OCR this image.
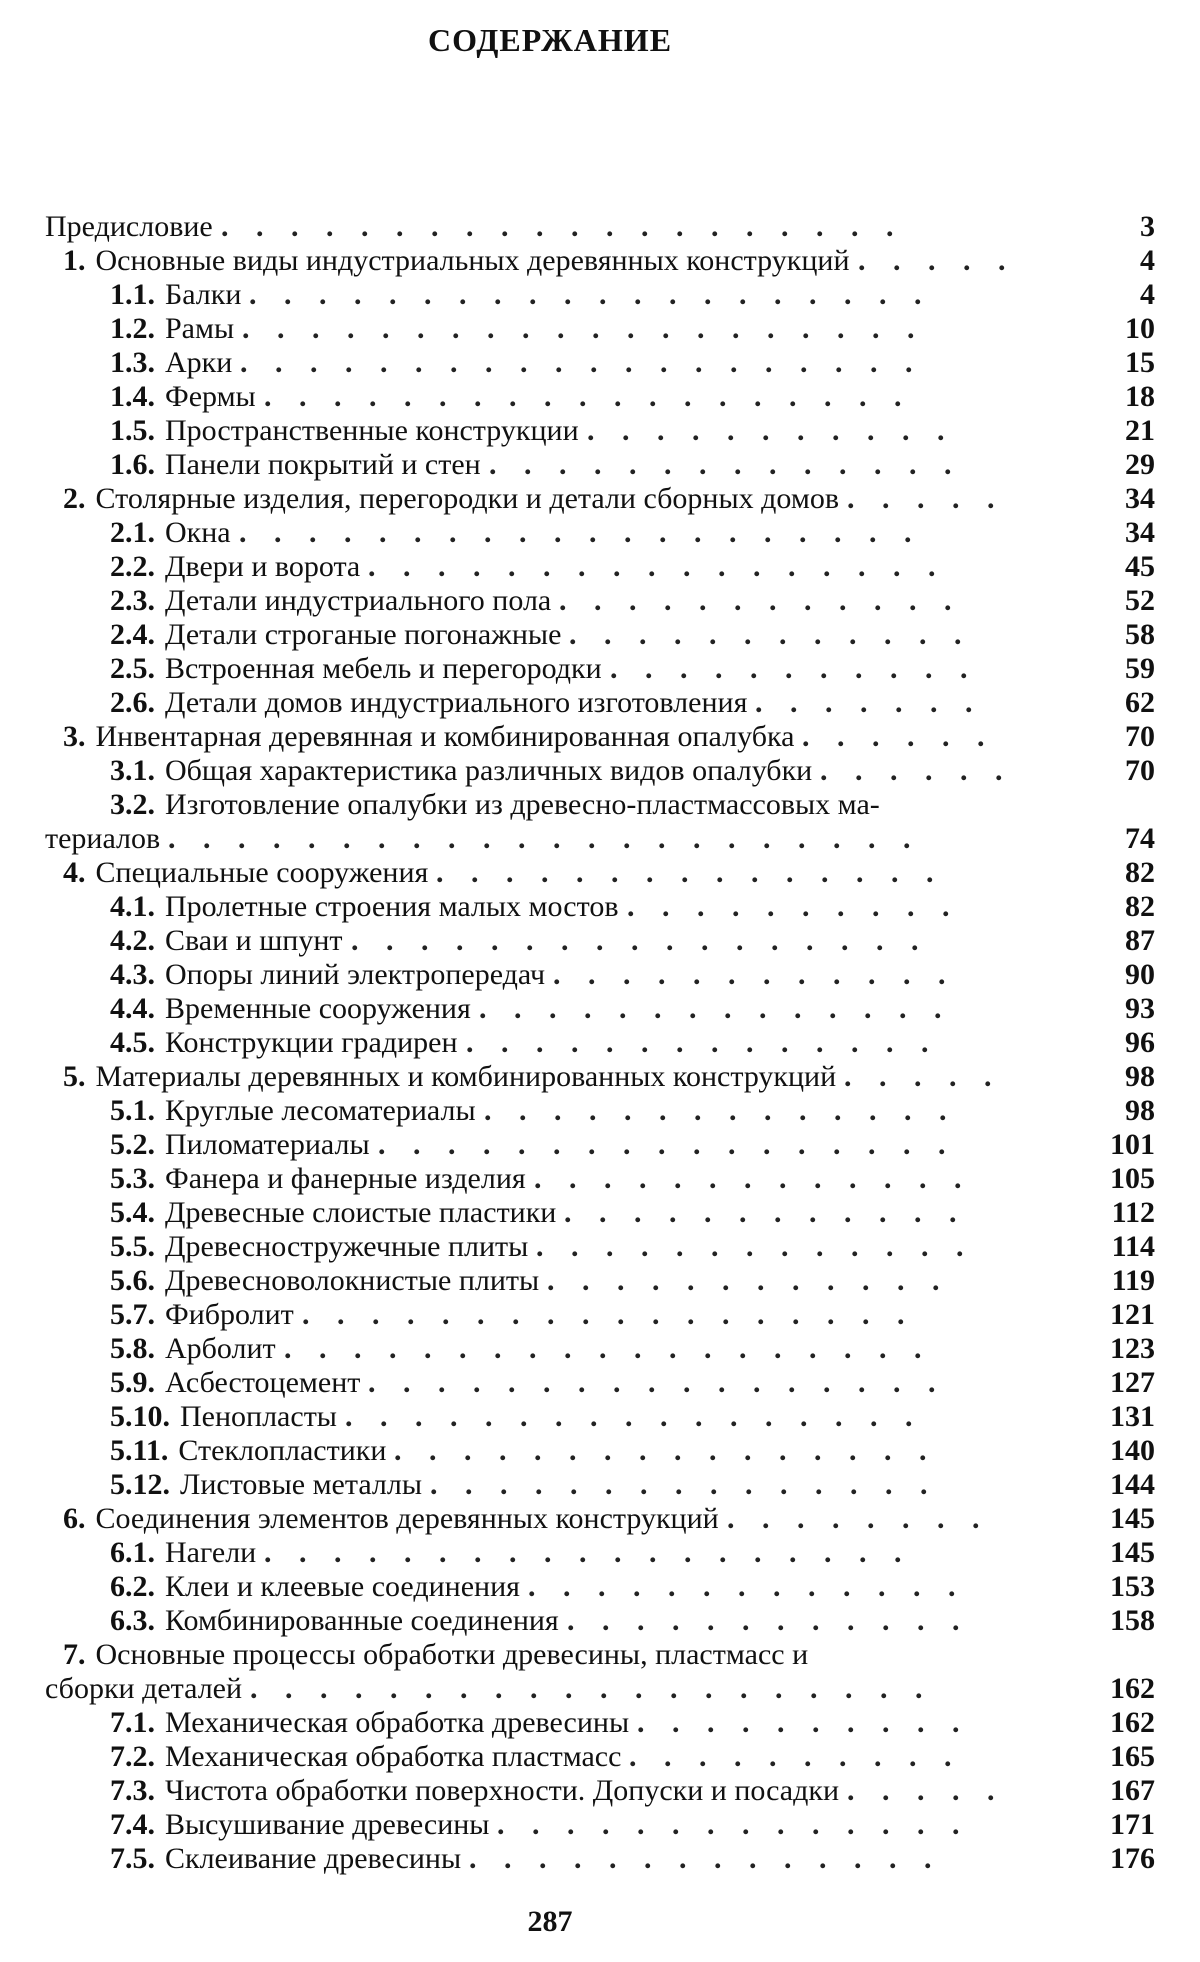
СОДЕРЖАНИЕ
Предисловие	3
. . . . . . . . . . . . . . . . . . . .
1. Основные виды индустриальных деревянных конструкций	4
. . . . .
1.1. Балки	4
. . . . . . . . . . . . . . . . . . . .
1.2. Рамы	10
. . . . . . . . . . . . . . . . . . . .
1.3. Арки	15
. . . . . . . . . . . . . . . . . . . .
1.4. Фермы	18
. . . . . . . . . . . . . . . . . . .
1.5. Пространственные конструкции	21
. . . . . . . . . . .
1.6. Панели покрытий и стен	29
. . . . . . . . . . . . . .
2. Столярные изделия, перегородки и детали сборных домов	34
. . . . .
2.1. Окна	34
. . . . . . . . . . . . . . . . . . . .
2.2. Двери и ворота	45
. . . . . . . . . . . . . . . . .
2.3. Детали индустриального пола	52
. . . . . . . . . . . .
2.4. Детали строганые погонажные	58
. . . . . . . . . . . .
2.5. Встроенная мебель и перегородки	59
. . . . . . . . . . .
2.6. Детали домов индустриального изготовления	62
. . . . . . .
3. Инвентарная деревянная и комбинированная опалубка	70
. . . . . .
3.1. Общая характеристика различных видов опалубки	70
. . . . . .
3.2. Изготовление опалубки из древесно-пластмассовых ма-
териалов	74
. . . . . . . . . . . . . . . . . . . . . .
4. Специальные сооружения	82
. . . . . . . . . . . . . . .
4.1. Пролетные строения малых мостов	82
. . . . . . . . . .
4.2. Сваи и шпунт	87
. . . . . . . . . . . . . . . . .
4.3. Опоры линий электропередач	90
. . . . . . . . . . . .
4.4. Временные сооружения	93
. . . . . . . . . . . . . .
4.5. Конструкции градирен	96
. . . . . . . . . . . . . .
5. Материалы деревянных и комбинированных конструкций	98
. . . . .
5.1. Круглые лесоматериалы	98
. . . . . . . . . . . . . .
5.2. Пиломатериалы	101
. . . . . . . . . . . . . . . . .
5.3. Фанера и фанерные изделия	105
. . . . . . . . . . . . .
5.4. Древесные слоистые пластики	112
. . . . . . . . . . . .
5.5. Древесностружечные плиты	114
. . . . . . . . . . . . .
5.6. Древесноволокнистые плиты	119
. . . . . . . . . . . .
5.7. Фибролит	121
. . . . . . . . . . . . . . . . . .
5.8. Арболит	123
. . . . . . . . . . . . . . . . . . .
5.9. Асбестоцемент	127
. . . . . . . . . . . . . . . . .
5.10. Пенопласты	131
. . . . . . . . . . . . . . . . .
5.11. Стеклопластики	140
. . . . . . . . . . . . . . . .
5.12. Листовые металлы	144
. . . . . . . . . . . . . . .
6. Соединения элементов деревянных конструкций	145
. . . . . . . .
6.1. Нагели	145
. . . . . . . . . . . . . . . . . . .
6.2. Клеи и клеевые соединения	153
. . . . . . . . . . . . .
6.3. Комбинированные соединения	158
. . . . . . . . . . . .
7. Основные процессы обработки древесины, пластмасс и
сборки деталей	162
. . . . . . . . . . . . . . . . . . . .
7.1. Механическая обработка древесины	162
. . . . . . . . . .
7.2. Механическая обработка пластмасс	165
. . . . . . . . . .
7.3. Чистота обработки поверхности. Допуски и посадки	167
. . . . .
7.4. Высушивание древесины	171
. . . . . . . . . . . . . .
7.5. Склеивание древесины	176
. . . . . . . . . . . . . .
287
